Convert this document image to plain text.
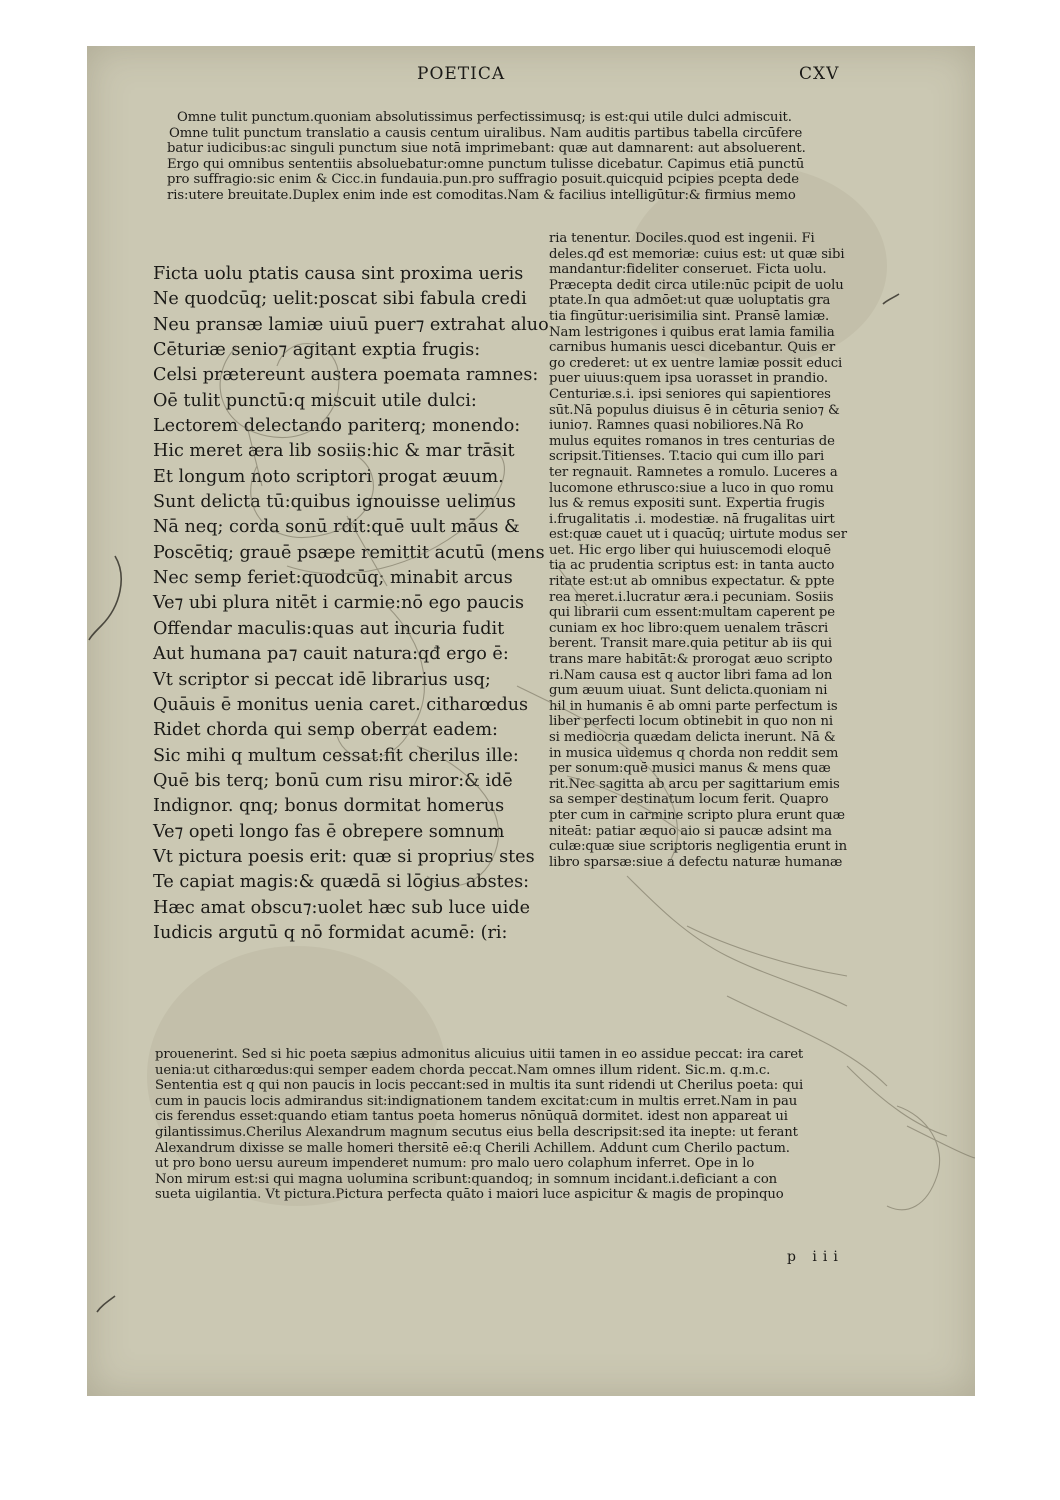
POETICA	CXV
Omne tulit punctum.quoniam absolutissimus perfectissimusq; is est:qui utile dulci admiscuit.
Omne tulit punctum translatio a causis centum uiralibus. Nam auditis partibus tabella circūfere
batur iudicibus:ac singuli punctum siue notā imprimebant: quæ aut damnarent: aut absoluerent.
Ergo qui omnibus sententiis absoluebatur:omne punctum tulisse dicebatur. Capimus etiā punctū
pro suffragio:sic enim & Cicc.in fundauia.pun.pro suffragio posuit.quicquid pcipies pcepta dede
ris:utere breuitate.Duplex enim inde est comoditas.Nam & facilius intelligūtur:& firmius memo
ria tenentur. Dociles.quod est ingenii. Fi
deles.qđ est memoriæ: cuius est: ut quæ sibi
mandantur:fideliter conseruet. Ficta uolu.
Præcepta dedit circa utile:nūc pcipit de uolu
ptate.In qua admōet:ut quæ uoluptatis gra
tia fingūtur:uerisimilia sint. Pransē lamiæ.
Nam lestrigones i quibus erat lamia familia
carnibus humanis uesci dicebantur. Quis er
go crederet: ut ex uentre lamiæ possit educi
puer uiuus:quem ipsa uorasset in prandio.
Centuriæ.s.i. ipsi seniores qui sapientiores
sūt.Nā populus diuisus ē in cēturia senio⁊ &
iunio⁊. Ramnes quasi nobiliores.Nā Ro
mulus equites romanos in tres centurias de
scripsit.Titienses. T.tacio qui cum illo pari
ter regnauit. Ramnetes a romulo. Luceres a
lucomone ethrusco:siue a luco in quo romu
lus & remus expositi sunt. Expertia frugis
i.frugalitatis .i. modestiæ. nā frugalitas uirt
est:quæ cauet ut i quacūq; uirtute modus ser
uet. Hic ergo liber qui huiuscemodi eloquē
tia ac prudentia scriptus est: in tanta aucto
ritate est:ut ab omnibus expectatur. & ppte
rea meret.i.lucratur æra.i pecuniam. Sosiis
qui librarii cum essent:multam caperent pe
cuniam ex hoc libro:quem uenalem trāscri
berent. Transit mare.quia petitur ab iis qui
trans mare habitāt:& prorogat æuo scripto
ri.Nam causa est q auctor libri fama ad lon
gum æuum uiuat. Sunt delicta.quoniam ni
hil in humanis ē ab omni parte perfectum is
liber perfecti locum obtinebit in quo non ni
si mediocria quædam delicta inerunt. Nā &
in musica uidemus q chorda non reddit sem
per sonum:quē musici manus & mens quæ
rit.Nec sagitta ab arcu per sagittarium emis
sa semper destinatum locum ferit. Quapro
pter cum in carmine scripto plura erunt quæ
niteāt: patiar æquo aio si paucæ adsint ma
culæ:quæ siue scriptoris negligentia erunt in
libro sparsæ:siue a defectu naturæ humanæ
Ficta uolu ptatis causa sint proxima ueris
Ne quodcūq; uelit:poscat sibi fabula credi
Neu pransæ lamiæ uiuū puer⁊ extrahat aluo
Cēturiæ senio⁊ agitant exptia frugis:
Celsi prætereunt austera poemata ramnes:
Oē tulit punctū:q miscuit utile dulci:
Lectorem delectando pariterq; monendo:
Hic meret æra lib sosiis:hic & mar trāsit
Et longum noto scriptori progat æuum.
Sunt delicta tū:quibus ignouisse uelimus
Nā neq; corda sonū rdit:quē uult māus &
Poscētiq; grauē psæpe remittit acutū (mens
Nec semp feriet:quodcūq; minabit arcus
Ve⁊ ubi plura nitēt i carmie:nō ego paucis
Offendar maculis:quas aut incuria fudit
Aut humana pa⁊ cauit natura:qđ ergo ē:
Vt scriptor si peccat idē librarius usq;
Quāuis ē monitus uenia caret. citharœdus
Ridet chorda qui semp oberrat eadem:
Sic mihi q multum cessat:fit cherilus ille:
Quē bis terq; bonū cum risu miror:& idē
Indignor. qnq; bonus dormitat homerus
Ve⁊ opeti longo fas ē obrepere somnum
Vt pictura poesis erit: quæ si proprius stes
Te capiat magis:& quædā si lōgius abstes:
Hæc amat obscu⁊:uolet hæc sub luce uide
Iudicis argutū q nō formidat acumē: (ri:
prouenerint. Sed si hic poeta sæpius admonitus alicuius uitii tamen in eo assidue peccat: ira caret
uenia:ut citharœdus:qui semper eadem chorda peccat.Nam omnes illum rident. Sic.m. q.m.c.
Sententia est q qui non paucis in locis peccant:sed in multis ita sunt ridendi ut Cherilus poeta: qui
cum in paucis locis admirandus sit:indignationem tandem excitat:cum in multis erret.Nam in pau
cis ferendus esset:quando etiam tantus poeta homerus nōnūquā dormitet. idest non appareat ui
gilantissimus.Cherilus Alexandrum magnum secutus eius bella descripsit:sed ita inepte: ut ferant
Alexandrum dixisse se malle homeri thersitē eē:q Cherili Achillem. Addunt cum Cherilo pactum.
ut pro bono uersu aureum impenderet numum: pro malo uero colaphum inferret. Ope in lo
Non mirum est:si qui magna uolumina scribunt:quandoq; in somnum incidant.i.deficiant a con
sueta uigilantia. Vt pictura.Pictura perfecta quāto i maiori luce aspicitur & magis de propinquo
p iii
